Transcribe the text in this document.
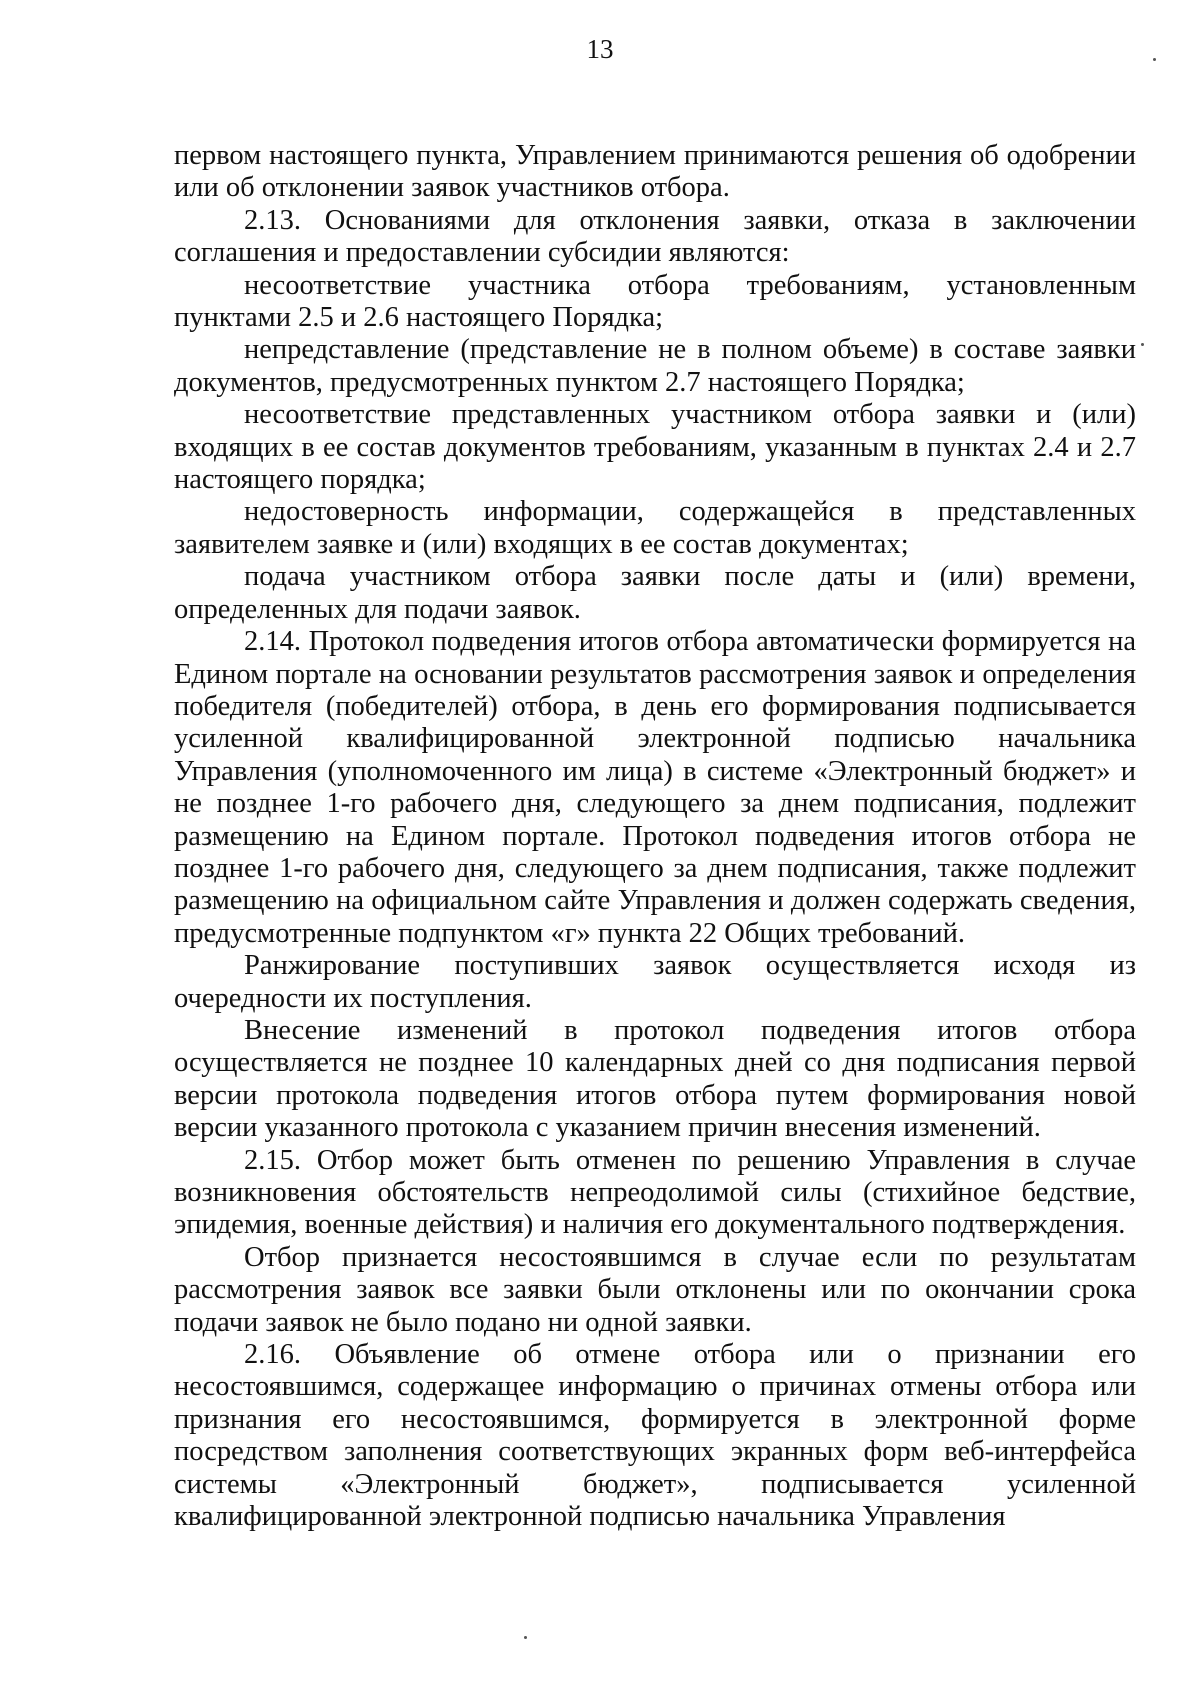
13

первом настоящего пункта, Управлением принимаются решения об одобрении или об отклонении заявок участников отбора.

2.13. Основаниями для отклонения заявки, отказа в заключении соглашения и предоставлении субсидии являются:

несоответствие участника отбора требованиям, установленным пунктами 2.5 и 2.6 настоящего Порядка;

непредставление (представление не в полном объеме) в составе заявки документов, предусмотренных пунктом 2.7 настоящего Порядка;

несоответствие представленных участником отбора заявки и (или) входящих в ее состав документов требованиям, указанным в пунктах 2.4 и 2.7 настоящего порядка;

недостоверность информации, содержащейся в представленных заявителем заявке и (или) входящих в ее состав документах;

подача участником отбора заявки после даты и (или) времени, определенных для подачи заявок.

2.14. Протокол подведения итогов отбора автоматически формируется на Едином портале на основании результатов рассмотрения заявок и определения победителя (победителей) отбора, в день его формирования подписывается усиленной квалифицированной электронной подписью начальника Управления (уполномоченного им лица) в системе «Электронный бюджет» и не позднее 1-го рабочего дня, следующего за днем подписания, подлежит размещению на Едином портале. Протокол подведения итогов отбора не позднее 1-го рабочего дня, следующего за днем подписания, также подлежит размещению на официальном сайте Управления и должен содержать сведения, предусмотренные подпунктом «г» пункта 22 Общих требований.

Ранжирование поступивших заявок осуществляется исходя из очередности их поступления.

Внесение изменений в протокол подведения итогов отбора осуществляется не позднее 10 календарных дней со дня подписания первой версии протокола подведения итогов отбора путем формирования новой версии указанного протокола с указанием причин внесения изменений.

2.15. Отбор может быть отменен по решению Управления в случае возникновения обстоятельств непреодолимой силы (стихийное бедствие, эпидемия, военные действия) и наличия его документального подтверждения.

Отбор признается несостоявшимся в случае если по результатам рассмотрения заявок все заявки были отклонены или по окончании срока подачи заявок не было подано ни одной заявки.

2.16. Объявление об отмене отбора или о признании его несостоявшимся, содержащее информацию о причинах отмены отбора или признания его несостоявшимся, формируется в электронной форме посредством заполнения соответствующих экранных форм веб-интерфейса системы «Электронный бюджет», подписывается усиленной квалифицированной электронной подписью начальника Управления
